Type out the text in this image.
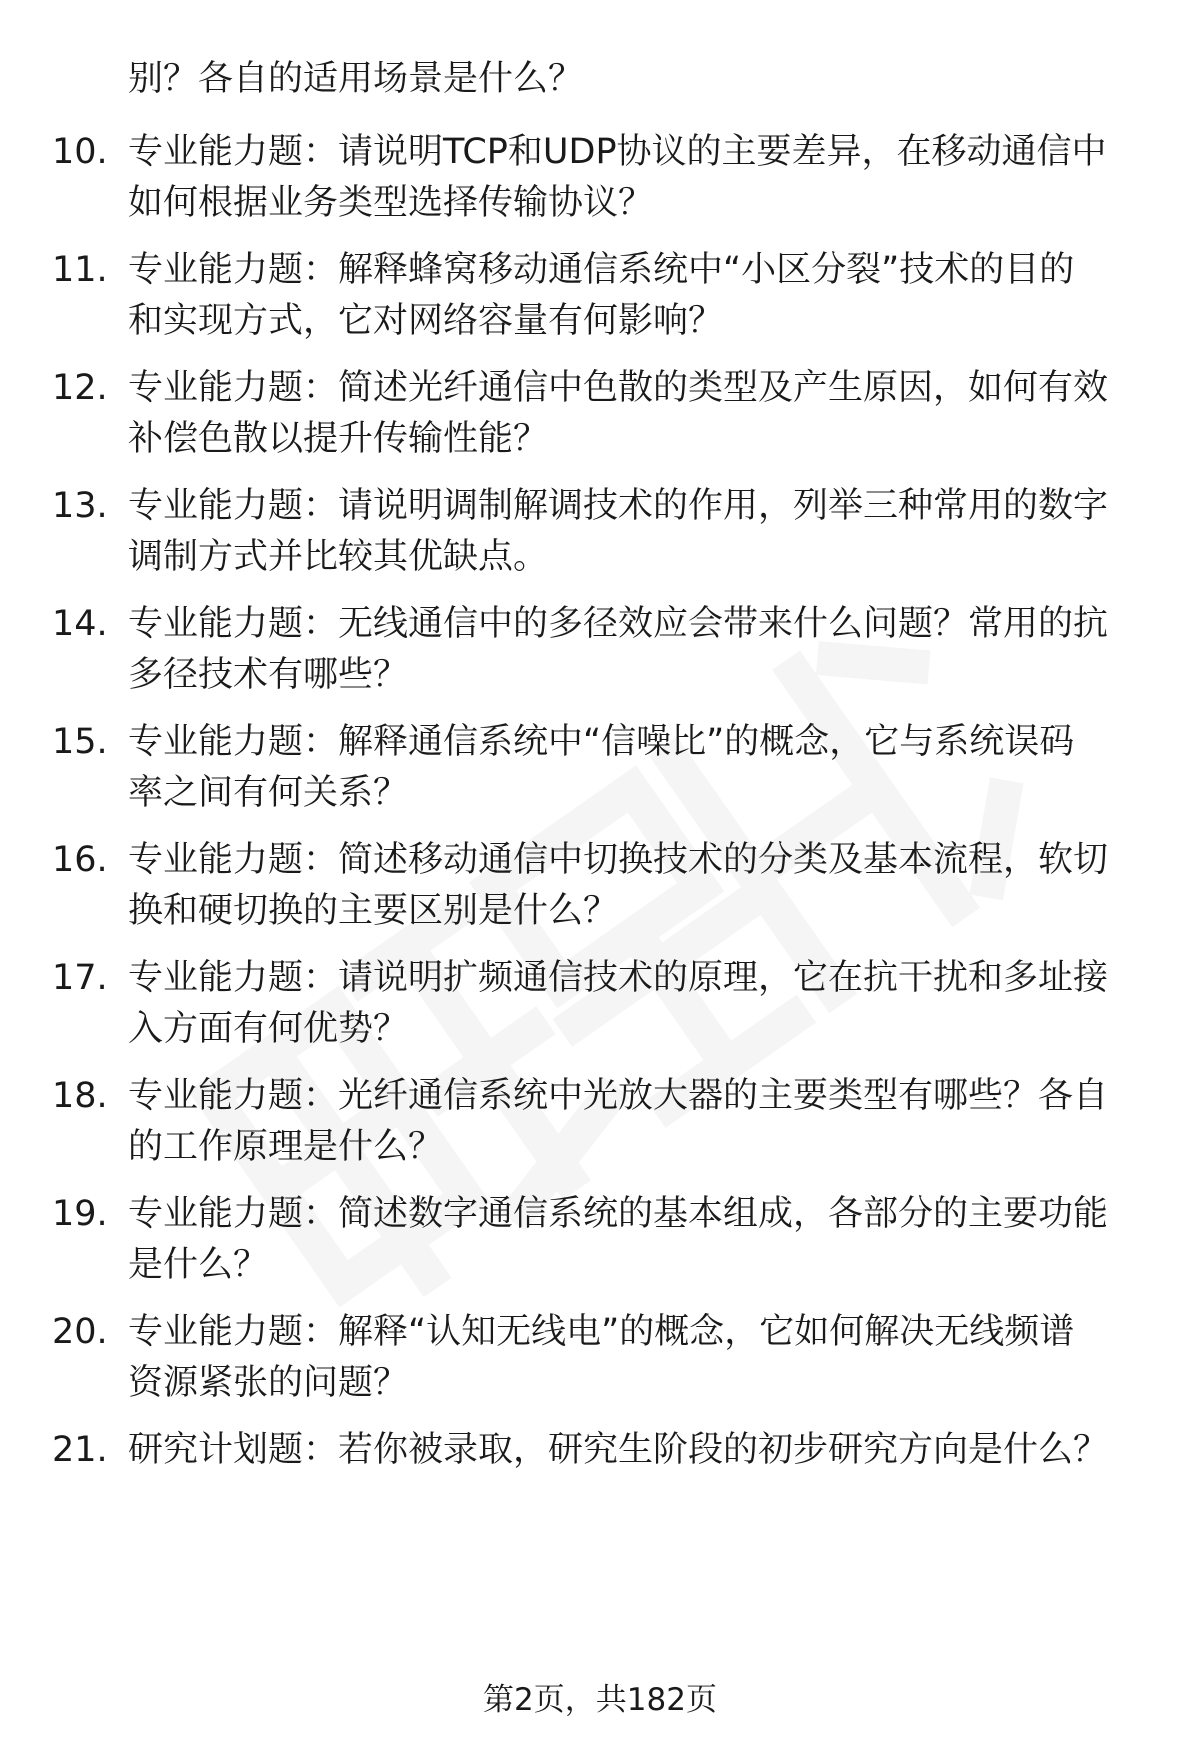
别？各自的适用场景是什么？
10. 专业能力题：请说明TCP和UDP协议的主要差异，在移动通信中
如何根据业务类型选择传输协议？
11. 专业能力题：解释蜂窝移动通信系统中“小区分裂”技术的目的
和实现方式，它对网络容量有何影响？
12. 专业能力题：简述光纤通信中色散的类型及产生原因，如何有效
补偿色散以提升传输性能？
13. 专业能力题：请说明调制解调技术的作用，列举三种常用的数字
调制方式并比较其优缺点。
14. 专业能力题：无线通信中的多径效应会带来什么问题？常用的抗
多径技术有哪些？
15. 专业能力题：解释通信系统中“信噪比”的概念，它与系统误码
率之间有何关系？
16. 专业能力题：简述移动通信中切换技术的分类及基本流程，软切
换和硬切换的主要区别是什么？
17. 专业能力题：请说明扩频通信技术的原理，它在抗干扰和多址接
入方面有何优势？
18. 专业能力题：光纤通信系统中光放大器的主要类型有哪些？各自
的工作原理是什么？
19. 专业能力题：简述数字通信系统的基本组成，各部分的主要功能
是什么？
20. 专业能力题：解释“认知无线电”的概念，它如何解决无线频谱
资源紧张的问题？
21. 研究计划题：若你被录取，研究生阶段的初步研究方向是什么？
第2页，共182页
